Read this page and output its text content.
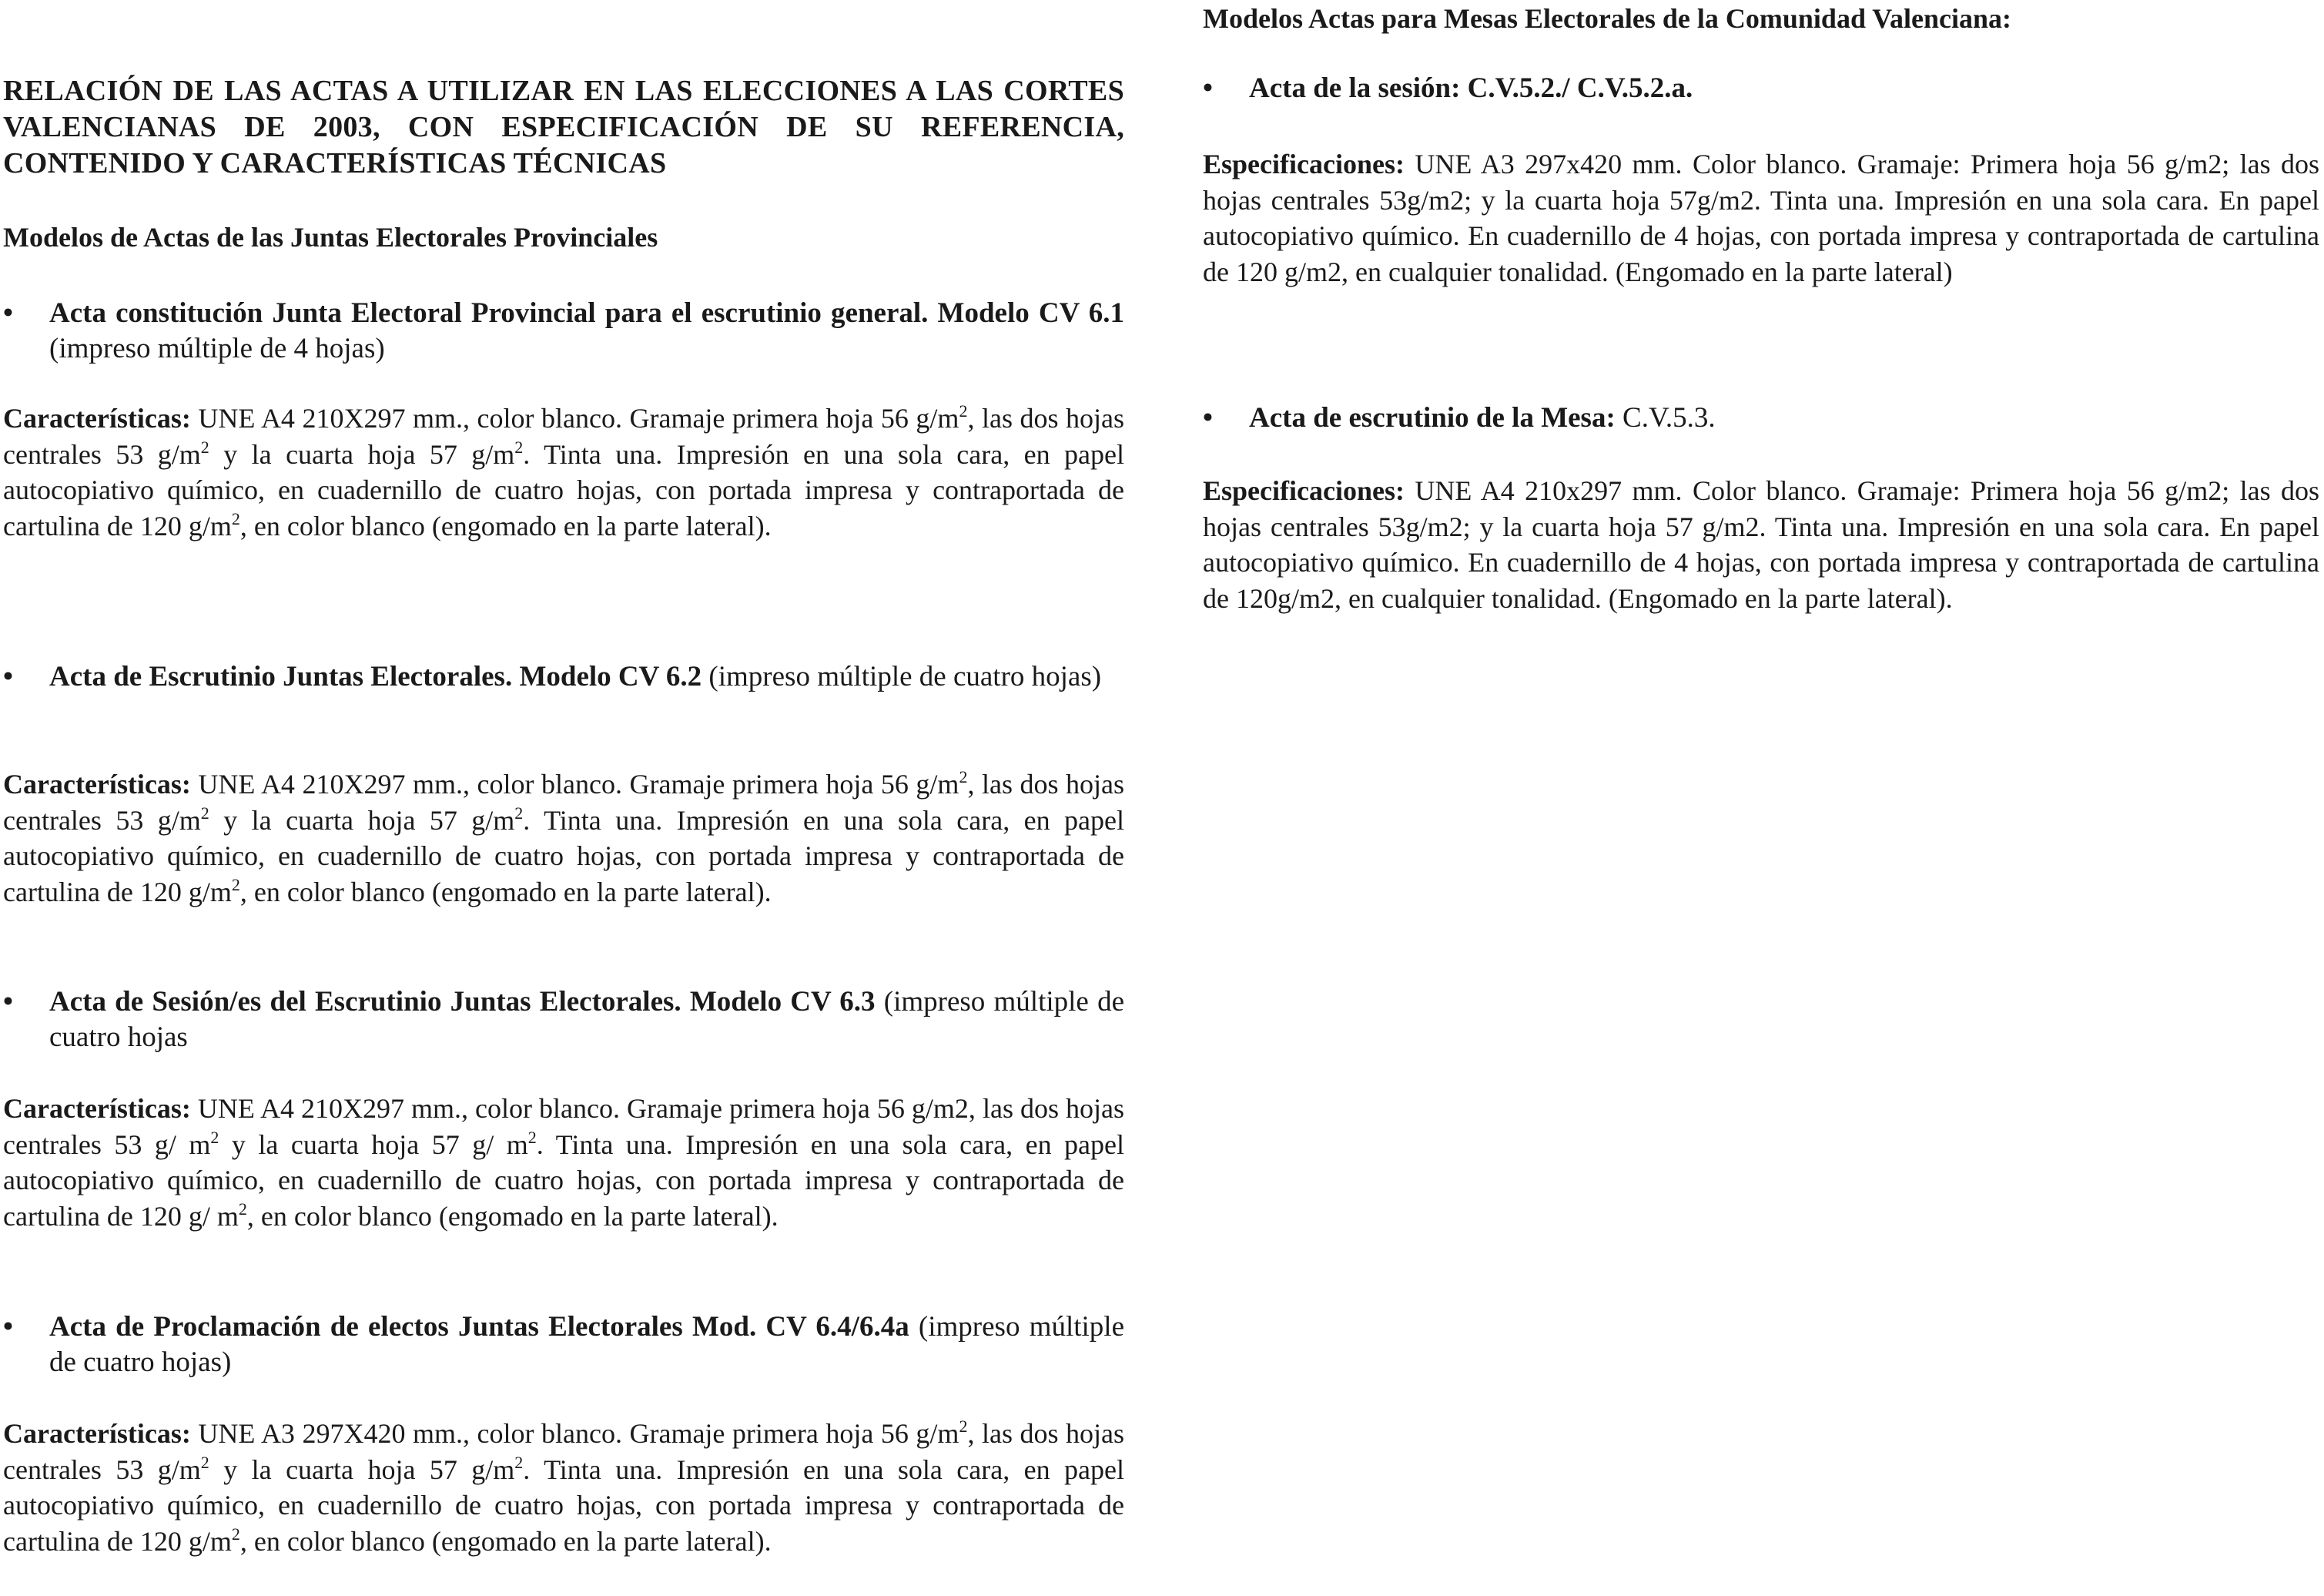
RELACIÓN DE LAS ACTAS A UTILIZAR EN LAS ELECCIONES A LAS CORTES VALENCIANAS DE 2003, CON ESPECIFICACIÓN DE SU REFERENCIA, CONTENIDO Y CARACTERÍSTICAS TÉCNICAS
Modelos de Actas de las Juntas Electorales Provinciales
•	Acta constitución Junta Electoral Provincial para el escrutinio general. Modelo CV 6.1 (impreso múltiple de 4 hojas)
Características: UNE A4 210X297 mm., color blanco. Gramaje primera hoja 56 $g/m^2$, las dos hojas centrales 53 $g/m^2$ y la cuarta hoja 57 $g/m^2$. Tinta una. Impresión en una sola cara, en papel autocopiativo químico, en cuadernillo de cuatro hojas, con portada impresa y contraportada de cartulina de 120 $g/m^2$, en color blanco (engomado en la parte lateral).
•	Acta de Escrutinio Juntas Electorales. Modelo CV 6.2 (impreso múltiple de cuatro hojas)
Características: UNE A4 210X297 mm., color blanco. Gramaje primera hoja 56 $g/m^2$, las dos hojas centrales 53 $g/m^2$ y la cuarta hoja 57 $g/m^2$. Tinta una. Impresión en una sola cara, en papel autocopiativo químico, en cuadernillo de cuatro hojas, con portada impresa y contraportada de cartulina de 120 $g/m^2$, en color blanco (engomado en la parte lateral).
•	Acta de Sesión/es del Escrutinio Juntas Electorales. Modelo CV 6.3 (impreso múltiple de cuatro hojas
Características: UNE A4 210X297 mm., color blanco. Gramaje primera hoja 56 g/m2, las dos hojas centrales 53 g/ $m^2$ y la cuarta hoja 57 g/ $m^2$. Tinta una. Impresión en una sola cara, en papel autocopiativo químico, en cuadernillo de cuatro hojas, con portada impresa y contraportada de cartulina de 120 g/ $m^2$, en color blanco (engomado en la parte lateral).
•	Acta de Proclamación de electos Juntas Electorales Mod. CV 6.4/6.4a (impreso múltiple de cuatro hojas)
Características: UNE A3 297X420 mm., color blanco. Gramaje primera hoja 56 $g/m^2$, las dos hojas centrales 53 $g/m^2$ y la cuarta hoja 57 $g/m^2$. Tinta una. Impresión en una sola cara, en papel autocopiativo químico, en cuadernillo de cuatro hojas, con portada impresa y contraportada de cartulina de 120 $g/m^2$, en color blanco (engomado en la parte lateral).
Modelos Actas para Mesas Electorales de la Comunidad Valenciana:
•	Acta de la sesión: C.V.5.2./ C.V.5.2.a.
Especificaciones: UNE A3 297x420 mm. Color blanco. Gramaje: Primera hoja 56 g/m2; las dos hojas centrales 53g/m2; y la cuarta hoja 57g/m2. Tinta una. Impresión en una sola cara. En papel autocopiativo químico. En cuadernillo de 4 hojas, con portada impresa y contraportada de cartulina de 120 g/m2, en cualquier tonalidad. (Engomado en la parte lateral)
•	Acta de escrutinio de la Mesa: C.V.5.3.
Especificaciones: UNE A4 210x297 mm. Color blanco. Gramaje: Primera hoja 56 g/m2; las dos hojas centrales 53g/m2; y la cuarta hoja 57 g/m2. Tinta una. Impresión en una sola cara. En papel autocopiativo químico. En cuadernillo de 4 hojas, con portada impresa y contraportada de cartulina de 120g/m2, en cualquier tonalidad. (Engomado en la parte lateral).
